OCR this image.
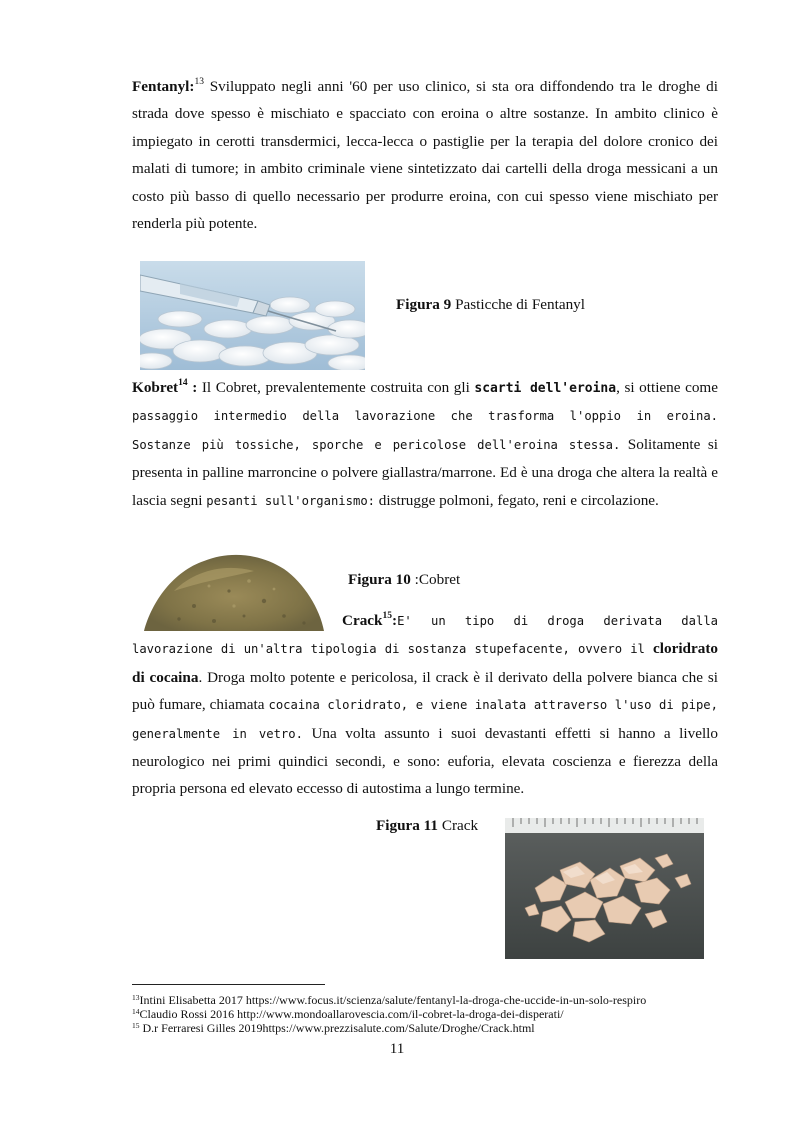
Fentanyl:$^{13}$ Sviluppato negli anni '60 per uso clinico, si sta ora diffondendo tra le droghe di strada dove spesso è mischiato e spacciato con eroina o altre sostanze. In ambito clinico è impiegato in cerotti transdermici, lecca-lecca o pastiglie per la terapia del dolore cronico dei malati di tumore; in ambito criminale viene sintetizzato dai cartelli della droga messicani a un costo più basso di quello necessario per produrre eroina, con cui spesso viene mischiato per renderla più potente.

Figura 9 Pasticche di Fentanyl

Kobret$^{14}$ : Il Cobret, prevalentemente costruita con gli scarti dell'eroina, si ottiene come passaggio intermedio della lavorazione che trasforma l'oppio in eroina. Sostanze più tossiche, sporche e pericolose dell'eroina stessa. Solitamente si presenta in palline marroncine o polvere giallastra/marrone. Ed è una droga che altera la realtà e lascia segni pesanti sull'organismo: distrugge polmoni, fegato, reni e circolazione.

Figura 10 :Cobret

Crack$^{15}$:E' un tipo di droga derivata dalla lavorazione di un'altra tipologia di sostanza stupefacente, ovvero il cloridrato di cocaina. Droga molto potente e pericolosa, il crack è il derivato della polvere bianca che si può fumare, chiamata cocaina cloridrato, e viene inalata attraverso l'uso di pipe, generalmente in vetro. Una volta assunto i suoi devastanti effetti si hanno a livello neurologico nei primi quindici secondi, e sono: euforia, elevata coscienza e fierezza della propria persona ed elevato eccesso di autostima a lungo termine.

Figura 11 Crack
$^{13}$Intini Elisabetta 2017 https://www.focus.it/scienza/salute/fentanyl-la-droga-che-uccide-in-un-solo-respiro
$^{14}$Claudio Rossi 2016 http://www.mondoallarovescia.com/il-cobret-la-droga-dei-disperati/
$^{15}$ D.r Ferraresi Gilles 2019https://www.prezzisalute.com/Salute/Droghe/Crack.html
11
